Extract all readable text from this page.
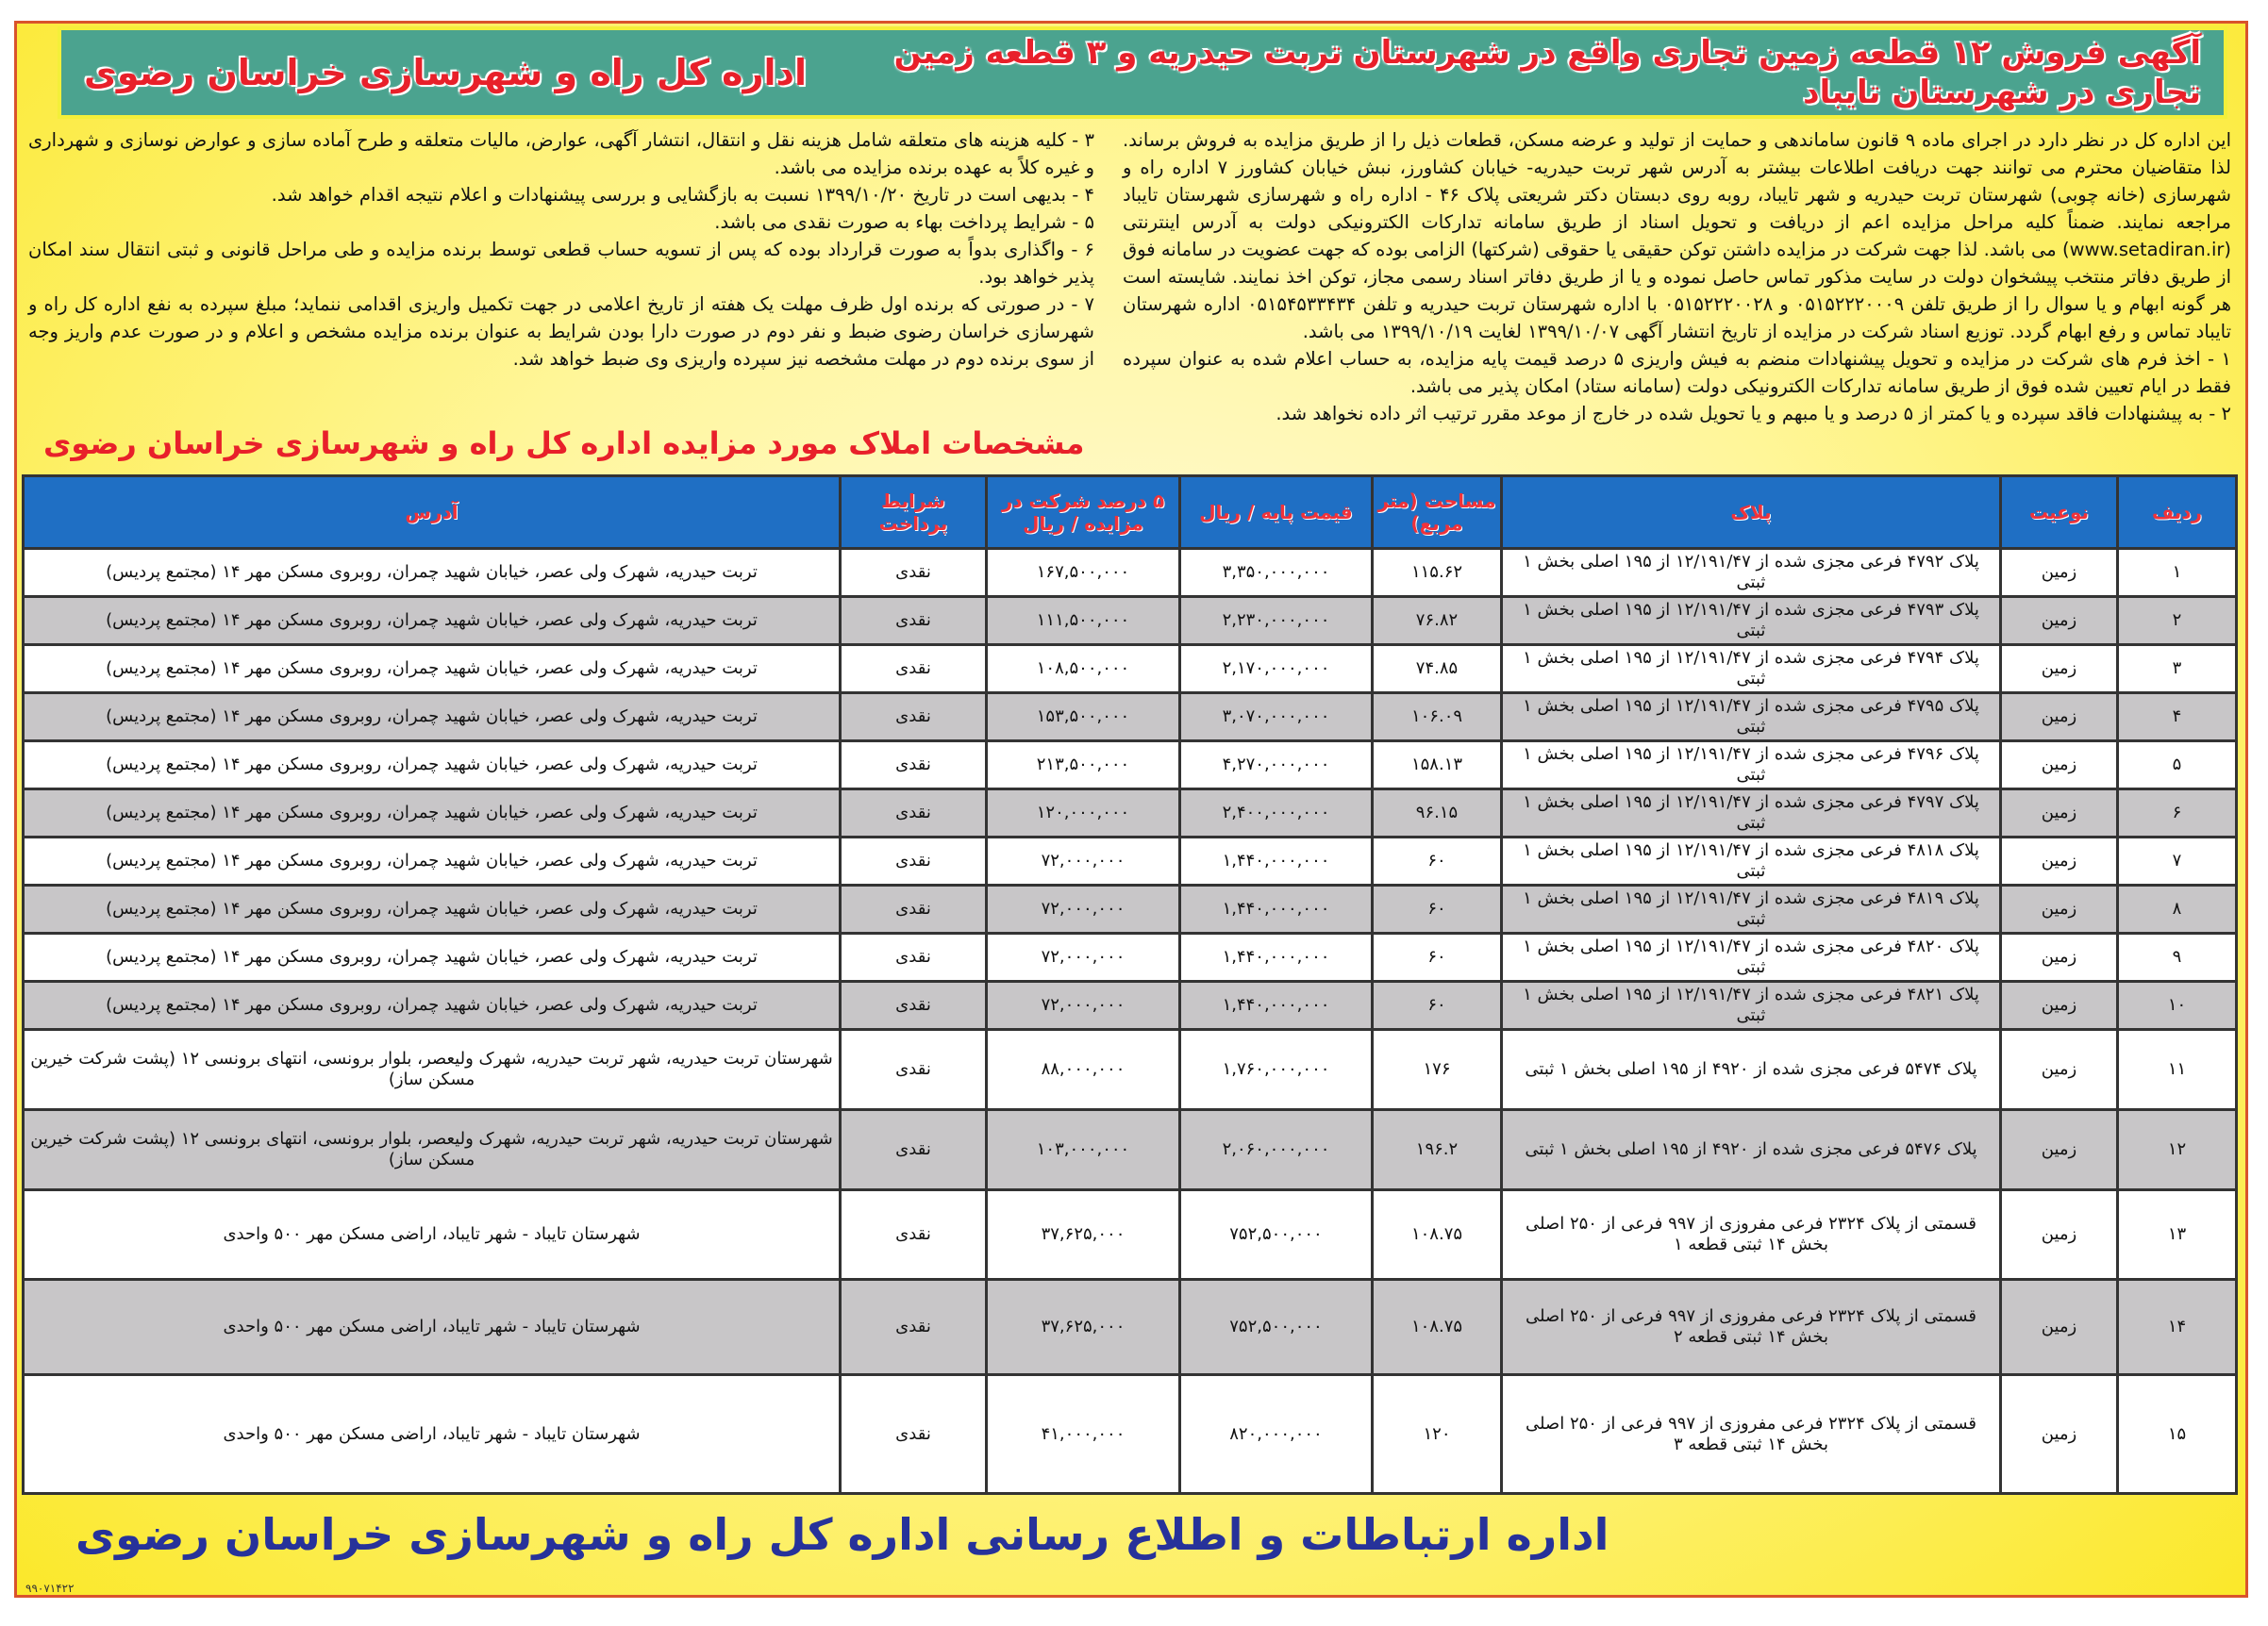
آگهی فروش ۱۲ قطعه زمین تجاری واقع در شهرستان تربت حیدریه و ۳ قطعه زمین تجاری در شهرستان تایباد
اداره کل راه و شهرسازی خراسان رضوی

این اداره کل در نظر دارد در اجرای ماده ۹ قانون ساماندهی و حمایت از تولید و عرضه مسکن، قطعات ذیل را از طریق مزایده به فروش برساند. لذا متقاضیان محترم می توانند جهت دریافت اطلاعات بیشتر به آدرس شهر تربت حیدریه- خیابان کشاورز، نبش خیابان کشاورز ۷ اداره راه و شهرسازی (خانه چوبی) شهرستان تربت حیدریه و شهر تایباد، روبه روی دبستان دکتر شریعتی پلاک ۴۶ - اداره راه و شهرسازی شهرستان تایباد مراجعه نمایند. ضمناً کلیه مراحل مزایده اعم از دریافت و تحویل اسناد از طریق سامانه تدارکات الکترونیکی دولت به آدرس اینترنتی (www.setadiran.ir) می باشد. لذا جهت شرکت در مزایده داشتن توکن حقیقی یا حقوقی (شرکتها) الزامی بوده که جهت عضویت در سامانه فوق از طریق دفاتر منتخب پیشخوان دولت در سایت مذکور تماس حاصل نموده و یا از طریق دفاتر اسناد رسمی مجاز، توکن اخذ نمایند. شایسته است هر گونه ابهام و یا سوال را از طریق تلفن ۰۵۱۵۲۲۲۰۰۰۹ و ۰۵۱۵۲۲۲۰۰۲۸ با اداره شهرستان تربت حیدریه و تلفن ۰۵۱۵۴۵۳۳۴۳۴ اداره شهرستان تایباد تماس و رفع ابهام گردد. توزیع اسناد شرکت در مزایده از تاریخ انتشار آگهی ۱۳۹۹/۱۰/۰۷ لغایت ۱۳۹۹/۱۰/۱۹ می باشد.

۱ - اخذ فرم های شرکت در مزایده و تحویل پیشنهادات منضم به فیش واریزی ۵ درصد قیمت پایه مزایده، به حساب اعلام شده به عنوان سپرده فقط در ایام تعیین شده فوق از طریق سامانه تدارکات الکترونیکی دولت (سامانه ستاد) امکان پذیر می باشد.

۲ - به پیشنهادات فاقد سپرده و یا کمتر از ۵ درصد و یا مبهم و یا تحویل شده در خارج از موعد مقرر ترتیب اثر داده نخواهد شد.

۳ - کلیه هزینه های متعلقه شامل هزینه نقل و انتقال، انتشار آگهی، عوارض، مالیات متعلقه و طرح آماده سازی و عوارض نوسازی و شهرداری و غیره کلاً به عهده برنده مزایده می باشد.

۴ - بدیهی است در تاریخ ۱۳۹۹/۱۰/۲۰ نسبت به بازگشایی و بررسی پیشنهادات و اعلام نتیجه اقدام خواهد شد.

۵ - شرایط پرداخت بهاء به صورت نقدی می باشد.

۶ - واگذاری بدواً به صورت قرارداد بوده که پس از تسویه حساب قطعی توسط برنده مزایده و طی مراحل قانونی و ثبتی انتقال سند امکان پذیر خواهد بود.

۷ - در صورتی که برنده اول ظرف مهلت یک هفته از تاریخ اعلامی در جهت تکمیل واریزی اقدامی ننماید؛ مبلغ سپرده به نفع اداره کل راه و شهرسازی خراسان رضوی ضبط و نفر دوم در صورت دارا بودن شرایط به عنوان برنده مزایده مشخص و اعلام و در صورت عدم واریز وجه از سوی برنده دوم در مهلت مشخصه نیز سپرده واریزی وی ضبط خواهد شد.

مشخصات املاک مورد مزایده اداره کل راه و شهرسازی خراسان رضوی
ردیف	نوعیت	پلاک	مساحت (متر مربع)	قیمت پایه / ریال	۵ درصد شرکت در مزایده / ریال	شرایط پرداخت	آدرس
۱	زمین	پلاک ۴۷۹۲ فرعی مجزی شده از ۱۲/۱۹۱/۴۷ از ۱۹۵ اصلی بخش ۱ ثبتی	۱۱۵.۶۲	۳,۳۵۰,۰۰۰,۰۰۰	۱۶۷,۵۰۰,۰۰۰	نقدی	تربت حیدریه، شهرک ولی عصر، خیابان شهید چمران، روبروی مسکن مهر ۱۴ (مجتمع پردیس)
۲	زمین	پلاک ۴۷۹۳ فرعی مجزی شده از ۱۲/۱۹۱/۴۷ از ۱۹۵ اصلی بخش ۱ ثبتی	۷۶.۸۲	۲,۲۳۰,۰۰۰,۰۰۰	۱۱۱,۵۰۰,۰۰۰	نقدی	تربت حیدریه، شهرک ولی عصر، خیابان شهید چمران، روبروی مسکن مهر ۱۴ (مجتمع پردیس)
۳	زمین	پلاک ۴۷۹۴ فرعی مجزی شده از ۱۲/۱۹۱/۴۷ از ۱۹۵ اصلی بخش ۱ ثبتی	۷۴.۸۵	۲,۱۷۰,۰۰۰,۰۰۰	۱۰۸,۵۰۰,۰۰۰	نقدی	تربت حیدریه، شهرک ولی عصر، خیابان شهید چمران، روبروی مسکن مهر ۱۴ (مجتمع پردیس)
۴	زمین	پلاک ۴۷۹۵ فرعی مجزی شده از ۱۲/۱۹۱/۴۷ از ۱۹۵ اصلی بخش ۱ ثبتی	۱۰۶.۰۹	۳,۰۷۰,۰۰۰,۰۰۰	۱۵۳,۵۰۰,۰۰۰	نقدی	تربت حیدریه، شهرک ولی عصر، خیابان شهید چمران، روبروی مسکن مهر ۱۴ (مجتمع پردیس)
۵	زمین	پلاک ۴۷۹۶ فرعی مجزی شده از ۱۲/۱۹۱/۴۷ از ۱۹۵ اصلی بخش ۱ ثبتی	۱۵۸.۱۳	۴,۲۷۰,۰۰۰,۰۰۰	۲۱۳,۵۰۰,۰۰۰	نقدی	تربت حیدریه، شهرک ولی عصر، خیابان شهید چمران، روبروی مسکن مهر ۱۴ (مجتمع پردیس)
۶	زمین	پلاک ۴۷۹۷ فرعی مجزی شده از ۱۲/۱۹۱/۴۷ از ۱۹۵ اصلی بخش ۱ ثبتی	۹۶.۱۵	۲,۴۰۰,۰۰۰,۰۰۰	۱۲۰,۰۰۰,۰۰۰	نقدی	تربت حیدریه، شهرک ولی عصر، خیابان شهید چمران، روبروی مسکن مهر ۱۴ (مجتمع پردیس)
۷	زمین	پلاک ۴۸۱۸ فرعی مجزی شده از ۱۲/۱۹۱/۴۷ از ۱۹۵ اصلی بخش ۱ ثبتی	۶۰	۱,۴۴۰,۰۰۰,۰۰۰	۷۲,۰۰۰,۰۰۰	نقدی	تربت حیدریه، شهرک ولی عصر، خیابان شهید چمران، روبروی مسکن مهر ۱۴ (مجتمع پردیس)
۸	زمین	پلاک ۴۸۱۹ فرعی مجزی شده از ۱۲/۱۹۱/۴۷ از ۱۹۵ اصلی بخش ۱ ثبتی	۶۰	۱,۴۴۰,۰۰۰,۰۰۰	۷۲,۰۰۰,۰۰۰	نقدی	تربت حیدریه، شهرک ولی عصر، خیابان شهید چمران، روبروی مسکن مهر ۱۴ (مجتمع پردیس)
۹	زمین	پلاک ۴۸۲۰ فرعی مجزی شده از ۱۲/۱۹۱/۴۷ از ۱۹۵ اصلی بخش ۱ ثبتی	۶۰	۱,۴۴۰,۰۰۰,۰۰۰	۷۲,۰۰۰,۰۰۰	نقدی	تربت حیدریه، شهرک ولی عصر، خیابان شهید چمران، روبروی مسکن مهر ۱۴ (مجتمع پردیس)
۱۰	زمین	پلاک ۴۸۲۱ فرعی مجزی شده از ۱۲/۱۹۱/۴۷ از ۱۹۵ اصلی بخش ۱ ثبتی	۶۰	۱,۴۴۰,۰۰۰,۰۰۰	۷۲,۰۰۰,۰۰۰	نقدی	تربت حیدریه، شهرک ولی عصر، خیابان شهید چمران، روبروی مسکن مهر ۱۴ (مجتمع پردیس)
۱۱	زمین	پلاک ۵۴۷۴ فرعی مجزی شده از ۴۹۲۰ از ۱۹۵ اصلی بخش ۱ ثبتی	۱۷۶	۱,۷۶۰,۰۰۰,۰۰۰	۸۸,۰۰۰,۰۰۰	نقدی	شهرستان تربت حیدریه، شهر تربت حیدریه، شهرک ولیعصر، بلوار برونسی، انتهای برونسی ۱۲ (پشت شرکت خیرین مسکن ساز)
۱۲	زمین	پلاک ۵۴۷۶ فرعی مجزی شده از ۴۹۲۰ از ۱۹۵ اصلی بخش ۱ ثبتی	۱۹۶.۲	۲,۰۶۰,۰۰۰,۰۰۰	۱۰۳,۰۰۰,۰۰۰	نقدی	شهرستان تربت حیدریه، شهر تربت حیدریه، شهرک ولیعصر، بلوار برونسی، انتهای برونسی ۱۲ (پشت شرکت خیرین مسکن ساز)
۱۳	زمین	قسمتی از پلاک ۲۳۲۴ فرعی مفروزی از ۹۹۷ فرعی از ۲۵۰ اصلی بخش ۱۴ ثبتی قطعه ۱	۱۰۸.۷۵	۷۵۲,۵۰۰,۰۰۰	۳۷,۶۲۵,۰۰۰	نقدی	شهرستان تایباد - شهر تایباد، اراضی مسکن مهر ۵۰۰ واحدی
۱۴	زمین	قسمتی از پلاک ۲۳۲۴ فرعی مفروزی از ۹۹۷ فرعی از ۲۵۰ اصلی بخش ۱۴ ثبتی قطعه ۲	۱۰۸.۷۵	۷۵۲,۵۰۰,۰۰۰	۳۷,۶۲۵,۰۰۰	نقدی	شهرستان تایباد - شهر تایباد، اراضی مسکن مهر ۵۰۰ واحدی
۱۵	زمین	قسمتی از پلاک ۲۳۲۴ فرعی مفروزی از ۹۹۷ فرعی از ۲۵۰ اصلی بخش ۱۴ ثبتی قطعه ۳	۱۲۰	۸۲۰,۰۰۰,۰۰۰	۴۱,۰۰۰,۰۰۰	نقدی	شهرستان تایباد - شهر تایباد، اراضی مسکن مهر ۵۰۰ واحدی
اداره ارتباطات و اطلاع رسانی اداره کل راه و شهرسازی خراسان رضوی
۹۹۰۷۱۴۲۲
